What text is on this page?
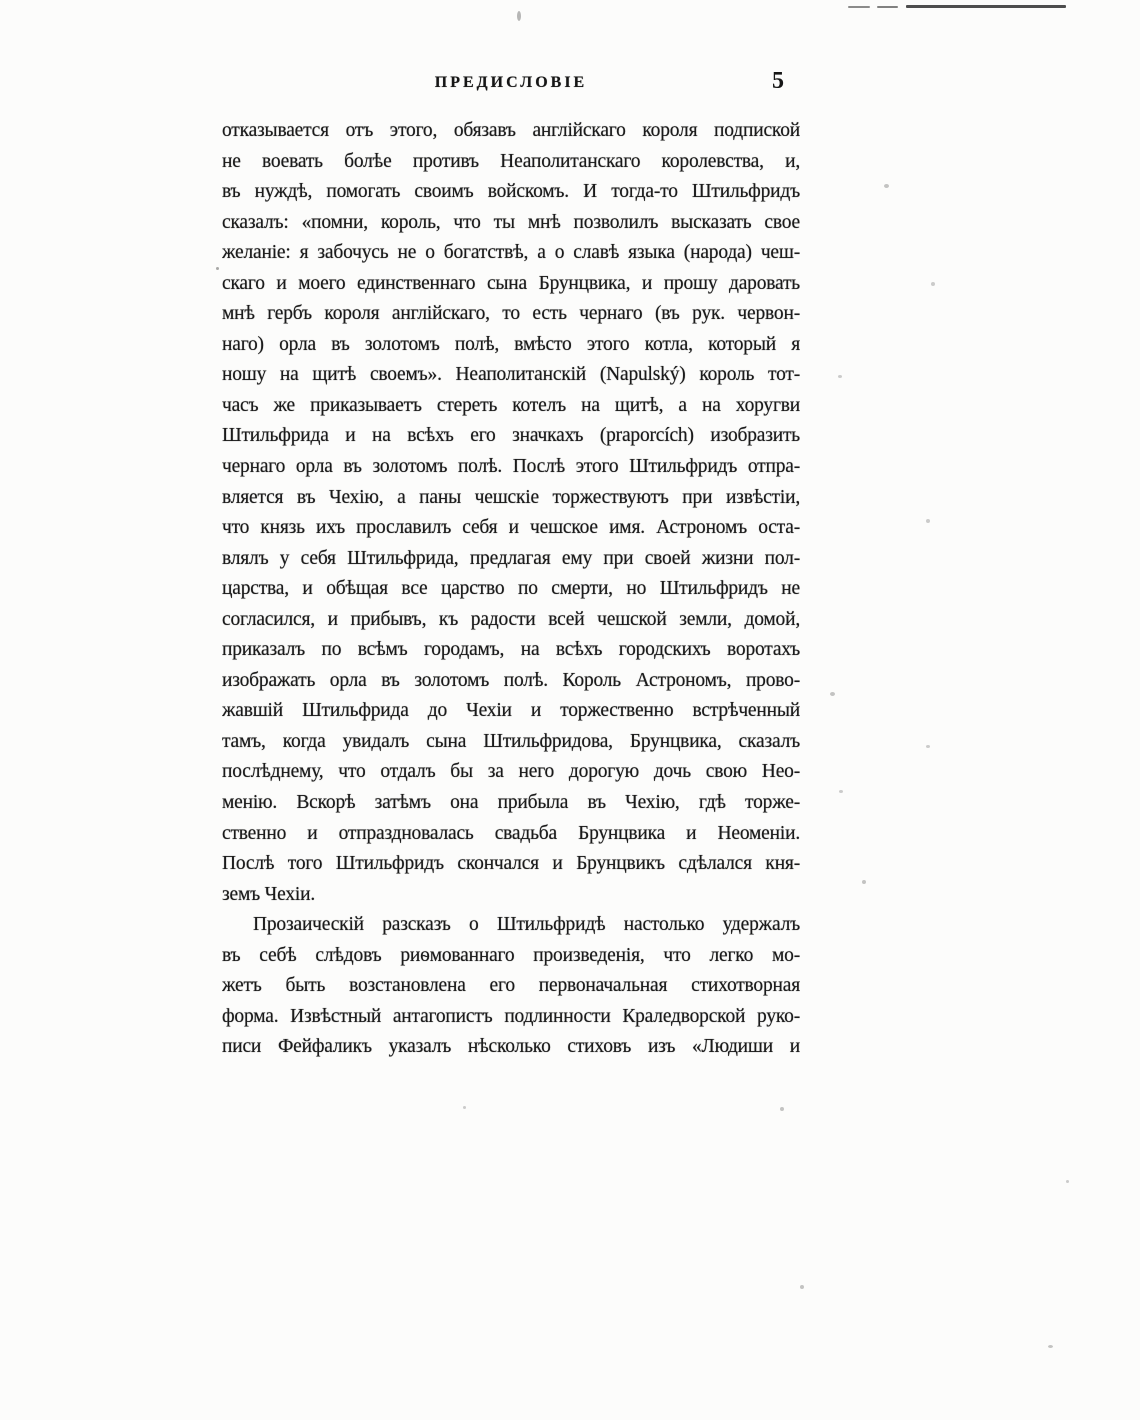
ПРЕДИСЛОВІЕ	5
отказывается отъ этого, обязавъ англійскаго короля подпиской
не воевать болѣе противъ Неаполитанскаго королевства, и,
въ нуждѣ, помогать своимъ войскомъ. И тогда-то Штильфридъ
сказалъ: «помни, король, что ты мнѣ позволилъ высказать свое
желаніе: я забочусь не о богатствѣ, а о славѣ языка (народа) чеш-
скаго и моего единственнаго сына Брунцвика, и прошу даровать
мнѣ гербъ короля англійскаго, то есть чернаго (въ рук. червон-
наго) орла въ золотомъ полѣ, вмѣсто этого котла, который я
ношу на щитѣ своемъ». Неаполитанскій (Napulský) король тот-
часъ же приказываетъ стереть котелъ на щитѣ, а на хоругви
Штильфрида и на всѣхъ его значкахъ (praporcích) изобразить
чернаго орла въ золотомъ полѣ. Послѣ этого Штильфридъ отпра-
вляется въ Чехію, а паны чешскіе торжествуютъ при извѣстіи,
что князь ихъ прославилъ себя и чешское имя. Астрономъ оста-
влялъ у себя Штильфрида, предлагая ему при своей жизни пол-
царства, и обѣщая все царство по смерти, но Штильфридъ не
согласился, и прибывъ, къ радости всей чешской земли, домой,
приказалъ по всѣмъ городамъ, на всѣхъ городскихъ воротахъ
изображать орла въ золотомъ полѣ. Король Астрономъ, прово-
жавшій Штильфрида до Чехіи и торжественно встрѣченный
тамъ, когда увидалъ сына Штильфридова, Брунцвика, сказалъ
послѣднему, что отдалъ бы за него дорогую дочь свою Нео-
менію. Вскорѣ затѣмъ она прибыла въ Чехію, гдѣ торже-
ственно и отпраздновалась свадьба Брунцвика и Неоменіи.
Послѣ того Штильфридъ скончался и Брунцвикъ сдѣлался кня-
земъ Чехіи.
Прозаическій разсказъ о Штильфридѣ настолько удержалъ
въ себѣ слѣдовъ риѳмованнаго произведенія, что легко мо-
жетъ быть возстановлена его первоначальная стихотворная
форма. Извѣстный антагопистъ подлинности Краледворской руко-
писи Фейфаликъ указалъ нѣсколько стиховъ изъ «Людиши и
